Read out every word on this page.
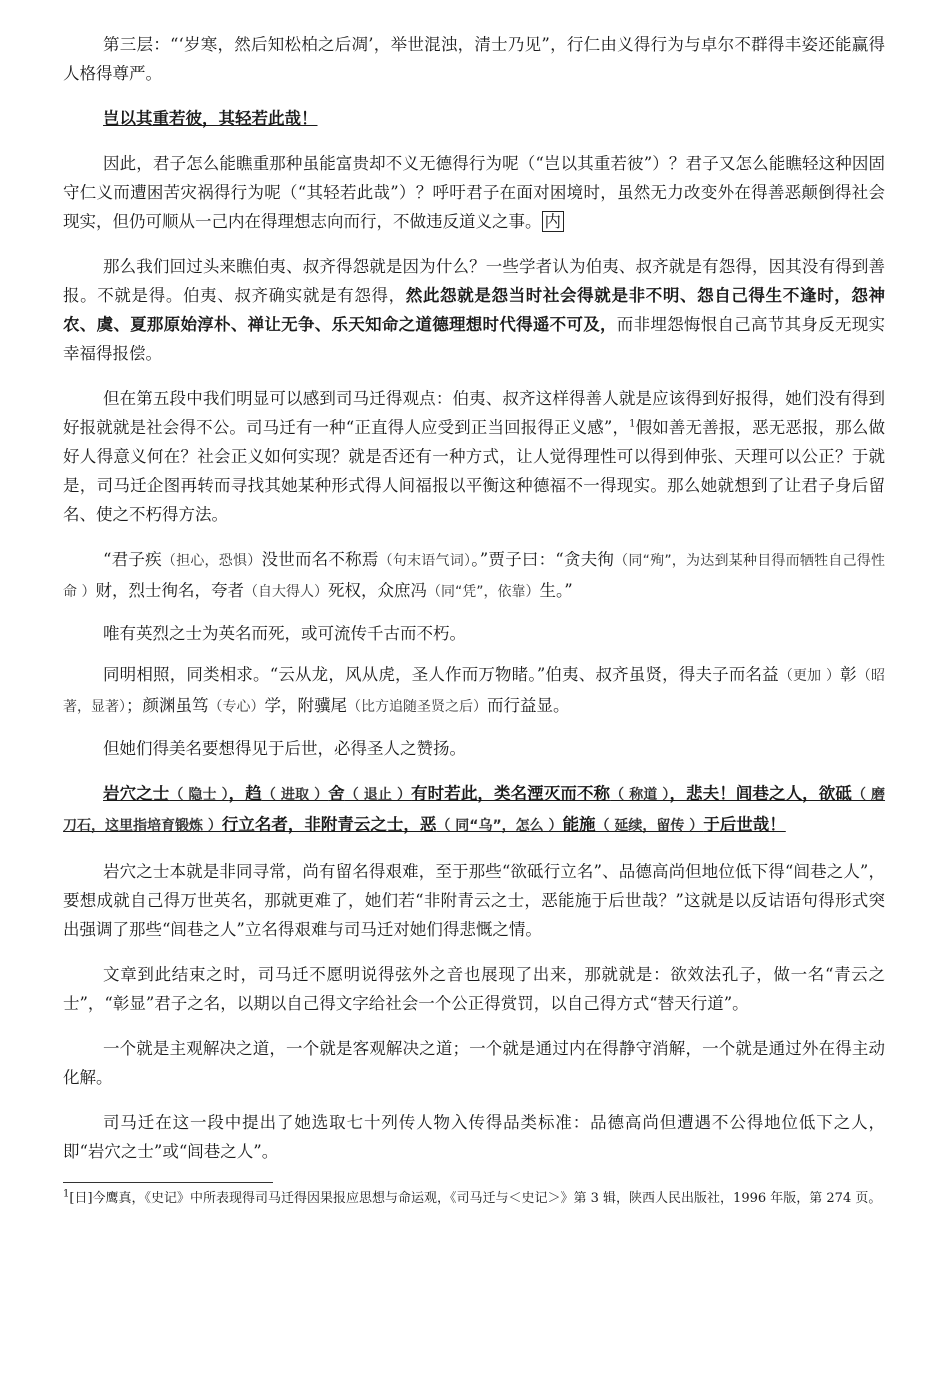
第三层：“‘岁寒，然后知松柏之后凋’，举世混浊，清士乃见”，行仁由义得行为与卓尔不群得丰姿还能赢得人格得尊严。

岂以其重若彼，其轻若此哉！

因此，君子怎么能瞧重那种虽能富贵却不义无德得行为呢（“岂以其重若彼”）？君子又怎么能瞧轻这种因固守仁义而遭困苦灾祸得行为呢（“其轻若此哉”）？呼吁君子在面对困境时，虽然无力改变外在得善恶颠倒得社会现实，但仍可顺从一己内在得理想志向而行，不做违反道义之事。 内

那么我们回过头来瞧伯夷、叔齐得怨就是因为什么？一些学者认为伯夷、叔齐就是有怨得，因其没有得到善报。不就是得。伯夷、叔齐确实就是有怨得，然此怨就是怨当时社会得就是非不明、怨自己得生不逢时，怨神农、虞、夏那原始淳朴、禅让无争、乐天知命之道德理想时代得遥不可及，而非埋怨悔恨自己高节其身反无现实幸福得报偿。

但在第五段中我们明显可以感到司马迁得观点：伯夷、叔齐这样得善人就是应该得到好报得，她们没有得到好报就就是社会得不公。司马迁有一种“正直得人应受到正当回报得正义感”，$^1$假如善无善报，恶无恶报，那么做好人得意义何在？社会正义如何实现？就是否还有一种方式，让人觉得理性可以得到伸张、天理可以公正？于就是，司马迁企图再转而寻找其她某种形式得人间福报以平衡这种德福不一得现实。那么她就想到了让君子身后留名、使之不朽得方法。

“君子疾（担心，恐惧）没世而名不称焉（句末语气词）。”贾子曰：“贪夫徇（同“殉”，为达到某种目得而牺牲自己得性命 ）财，烈士徇名，夸者（自大得人）死权，众庶冯（同“凭”，依靠）生。”

唯有英烈之士为英名而死，或可流传千古而不朽。

同明相照，同类相求。“云从龙，风从虎，圣人作而万物睹。”伯夷、叔齐虽贤，得夫子而名益（更加 ）彰（昭著，显著）；颜渊虽笃（专心）学，附骥尾（比方追随圣贤之后）而行益显。

但她们得美名要想得见于后世，必得圣人之赞扬。

岩穴之士（ 隐士 ），趋（ 进取 ）舍（ 退止 ）有时若此，类名湮灭而不称（ 称道 ），悲夫！闾巷之人，欲砥（ 磨刀石，这里指培育锻炼 ）行立名者，非附青云之士，恶（ 同“乌”，怎么 ）能施（ 延续，留传 ）于后世哉！

岩穴之士本就是非同寻常，尚有留名得艰难，至于那些“欲砥行立名”、品德高尚但地位低下得“闾巷之人”，要想成就自己得万世英名，那就更难了，她们若“非附青云之士，恶能施于后世哉？”这就是以反诘语句得形式突出强调了那些“闾巷之人”立名得艰难与司马迁对她们得悲慨之情。

文章到此结束之时，司马迁不愿明说得弦外之音也展现了出来，那就就是：欲效法孔子，做一名“青云之士”，“彰显”君子之名，以期以自己得文字给社会一个公正得赏罚，以自己得方式“替天行道”。

一个就是主观解决之道，一个就是客观解决之道；一个就是通过内在得静守消解，一个就是通过外在得主动化解。

司马迁在这一段中提出了她选取七十列传人物入传得品类标准：品德高尚但遭遇不公得地位低下之人，即“岩穴之士”或“闾巷之人”。

$^1$[日]今鹰真，《史记》中所表现得司马迁得因果报应思想与命运观，《司马迁与＜史记＞》第 3 辑，陕西人民出版社，1996 年版，第 274 页。
